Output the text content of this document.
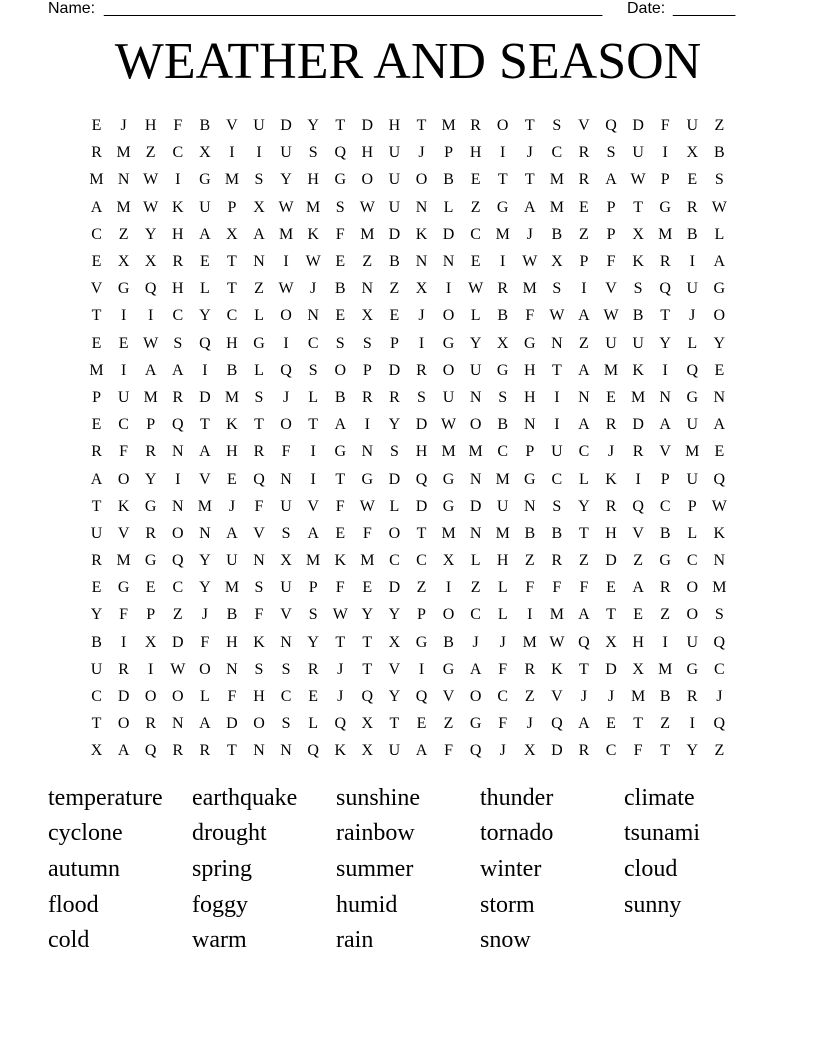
Name: ________________________________________________________ Date: _______
WEATHER AND SEASON
E	J	H	F	B V U D Y	T	D H	T M R O	T	S	V Q D	F	U	Z
R M Z	C X	I	I	U	S	Q H U	J	P	H	I	J	C	R	S	U	I	X B
M N W	I	G M S	Y H G O U O B	E	T	T M R A W P	E	S
A M W K U	P	X W M S W U N	L	Z	G A M E	P	T	G R W
C	Z	Y H A X A M K	F M D K D C M	J	B	Z	P	X M B	L
E	X X R	E	T	N	I	W E	Z	B N N	E	I	W X	P	F	K R	I	A
V G Q H	L	T	Z W	J	B N	Z	X	I	W R M S	I	V	S	Q U G
T	I	I	C Y C	L	O N	E	X	E	J	O	L	B	F W A W B	T	J	O
E	E W S	Q H G	I	C	S	S	P	I	G Y X G N	Z	U U Y	L	Y
M	I	A A	I	B	L	Q	S	O	P	D R O U G H	T	A M K	I	Q	E
P	U M R D M S	J	L	B	R	R	S	U N	S	H	I	N	E M N G N
E	C	P	Q	T	K	T	O	T	A	I	Y D W O B N	I	A R D A U A
R	F	R N A H R	F	I	G N	S	H M M C	P	U C	J	R V M E
A O Y	I	V	E	Q N	I	T	G D Q G N M G C	L	K	I	P	U Q
T	K G N M	J	F	U V	F W L	D G D U N	S	Y R Q C	P W
U V R O N A V	S	A	E	F	O	T M N M B	B	T	H V B	L	K
R M G Q Y U N X M K M C	C X	L	H	Z	R	Z	D	Z	G C N
E	G	E	C Y M S	U	P	F	E	D	Z	I	Z	L	F	F	F	E	A R O M
Y	F	P	Z	J	B	F	V	S W Y Y	P	O C	L	I	M A	T	E	Z	O	S
B	I	X D	F	H K N Y	T	T	X G B	J	J	M W Q X H	I	U Q
U R	I	W O N	S	S	R	J	T	V	I	G A	F	R K	T	D X M G C
C D O O	L	F	H C	E	J	Q Y Q V O C	Z	V	J	J	M B	R	J
T	O R N A D O	S	L	Q X	T	E	Z	G	F	J	Q A	E	T	Z	I	Q
X A Q R	R	T	N N Q K X U A	F	Q	J	X D R	C	F	T	Y	Z
temperature	earthquake	sunshine	thunder	climate
cyclone	drought	rainbow	tornado	tsunami
autumn	spring	summer	winter	cloud
flood	foggy	humid	storm	sunny
cold	warm	rain	snow
